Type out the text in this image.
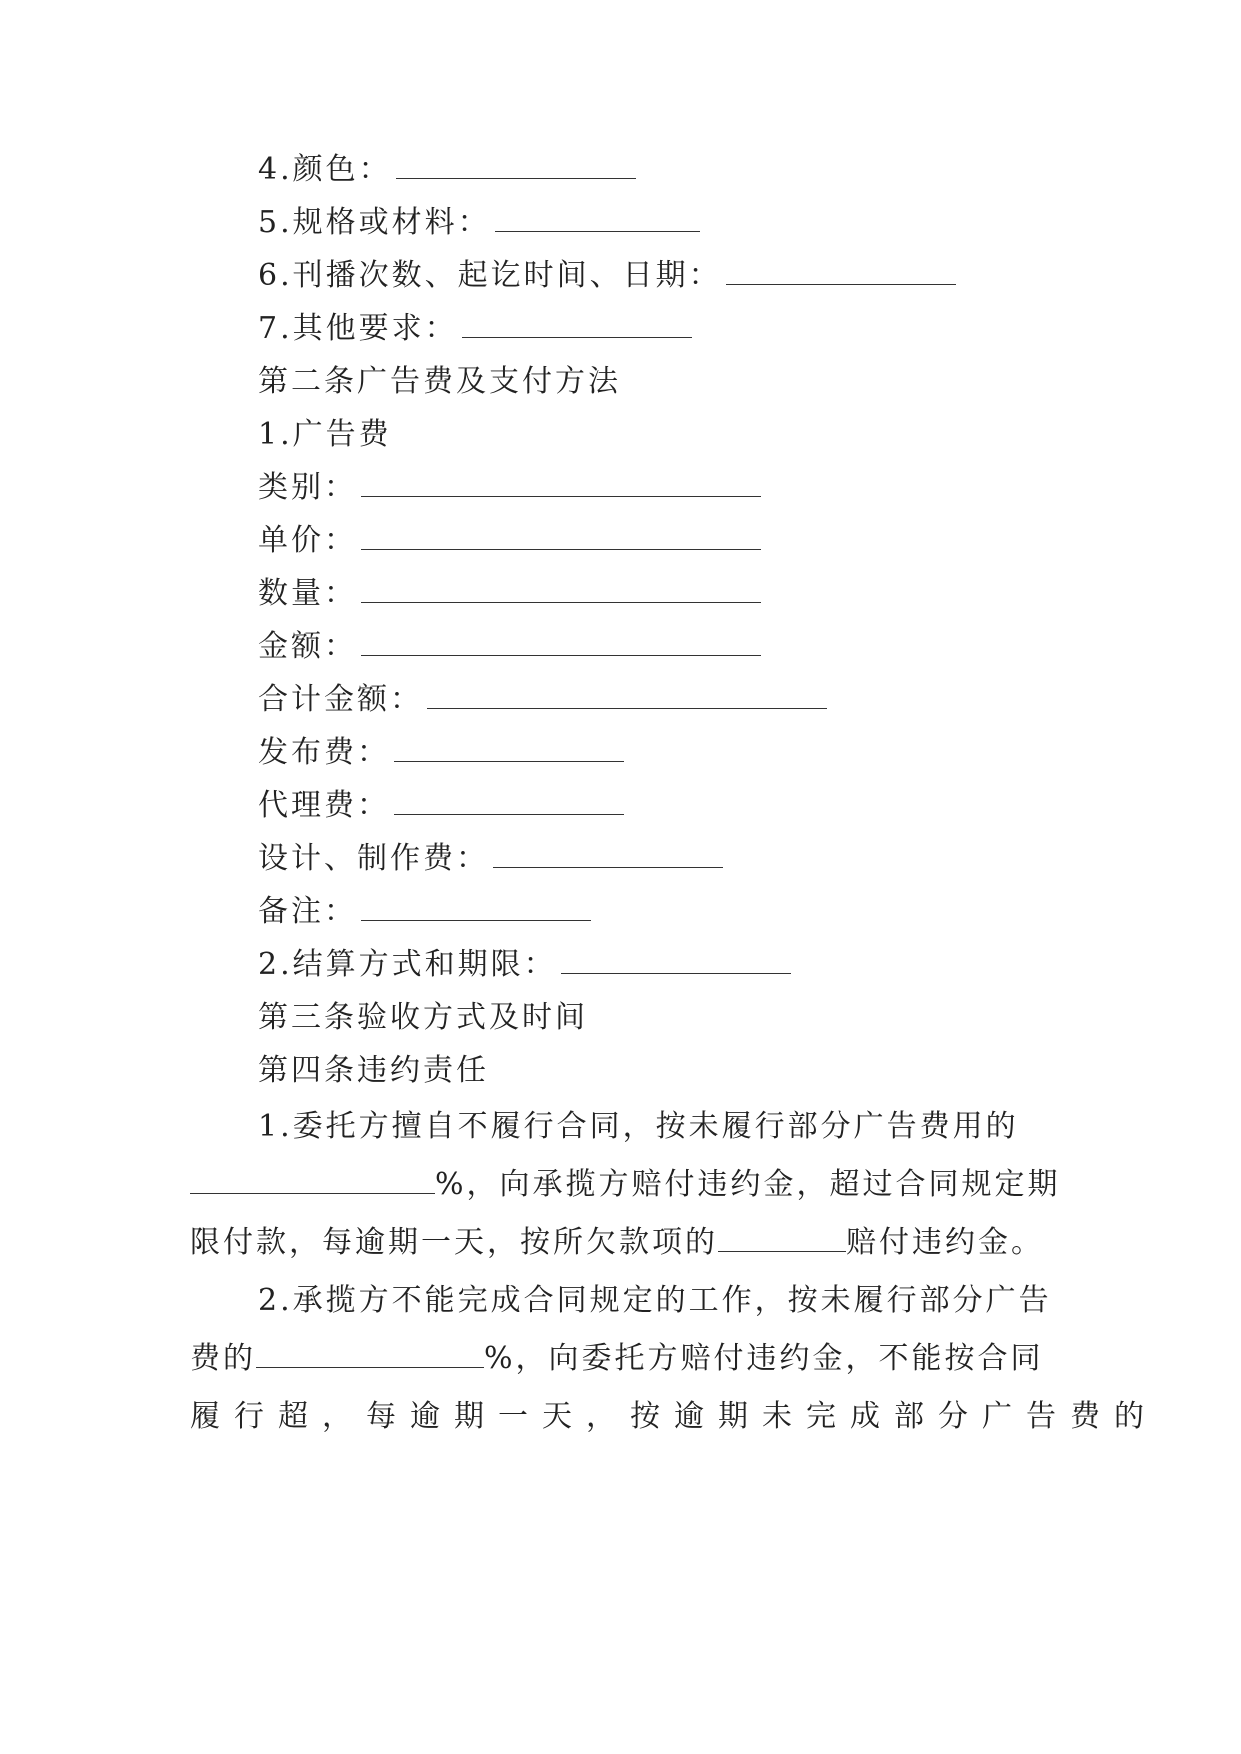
4.颜色：
5.规格或材料：
6.刊播次数、起讫时间、日期：
7.其他要求：
第二条广告费及支付方法
1.广告费
类别：
单价：
数量：
金额：
合计金额：
发布费：
代理费：
设计、制作费：
备注：
2.结算方式和期限：
第三条验收方式及时间
第四条违约责任
1.委托方擅自不履行合同，按未履行部分广告费用的
%，向承揽方赔付违约金，超过合同规定期
限付款，每逾期一天，按所欠款项的	赔付违约金。
2.承揽方不能完成合同规定的工作，按未履行部分广告
费的	%，向委托方赔付违约金，不能按合同
履行超，每逾期一天，按逾期未完成部分广告费的
